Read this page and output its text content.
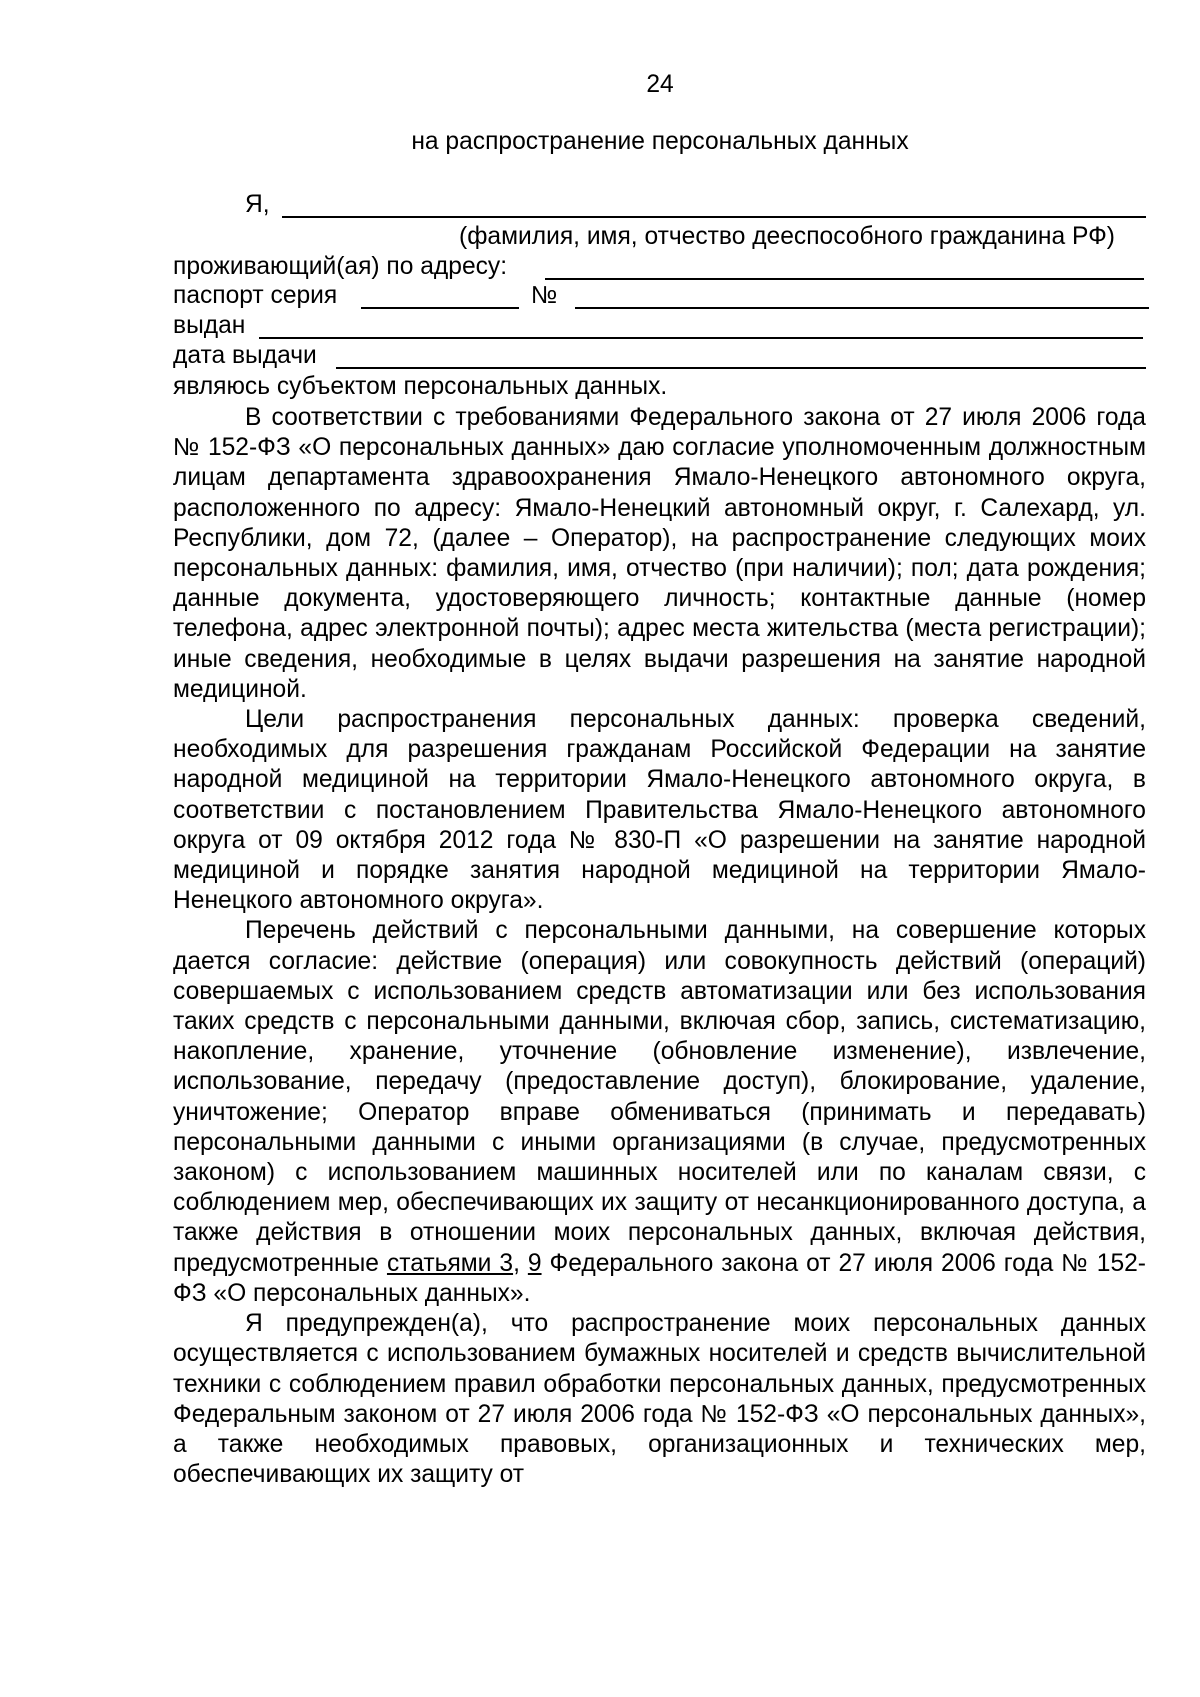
24
на распространение персональных данных
Я,
(фамилия, имя, отчество дееспособного гражданина РФ)
проживающий(ая) по адресу:
паспорт серия	№
выдан
дата выдачи
являюсь субъектом персональных данных.

В соответствии с требованиями Федерального закона от 27 июля 2006 года № 152-ФЗ «О персональных данных» даю согласие уполномоченным должностным лицам департамента здравоохранения Ямало-Ненецкого автономного округа, расположенного по адресу: Ямало-Ненецкий автономный округ, г. Салехард, ул. Республики, дом 72, (далее – Оператор), на распространение следующих моих персональных данных: фамилия, имя, отчество (при наличии); пол; дата рождения; данные документа, удостоверяющего личность; контактные данные (номер телефона, адрес электронной почты); адрес места жительства (места регистрации); иные сведения, необходимые в целях выдачи разрешения на занятие народной медициной.

Цели распространения персональных данных: проверка сведений, необходимых для разрешения гражданам Российской Федерации на занятие народной медициной на территории Ямало-Ненецкого автономного округа, в соответствии с постановлением Правительства Ямало-Ненецкого автономного округа от 09 октября 2012 года № 830-П «О разрешении на занятие народной медициной и порядке занятия народной медициной на территории Ямало-Ненецкого автономного округа».

Перечень действий с персональными данными, на совершение которых дается согласие: действие (операция) или совокупность действий (операций) совершаемых с использованием средств автоматизации или без использования таких средств с персональными данными, включая сбор, запись, систематизацию, накопление, хранение, уточнение (обновление изменение), извлечение, использование, передачу (предоставление доступ), блокирование, удаление, уничтожение; Оператор вправе обмениваться (принимать и передавать) персональными данными с иными организациями (в случае, предусмотренных законом) с использованием машинных носителей или по каналам связи, с соблюдением мер, обеспечивающих их защиту от несанкционированного доступа, а также действия в отношении моих персональных данных, включая действия, предусмотренные статьями 3, 9 Федерального закона от 27 июля 2006 года № 152-ФЗ «О персональных данных».

Я предупрежден(а), что распространение моих персональных данных осуществляется с использованием бумажных носителей и средств вычислительной техники с соблюдением правил обработки персональных данных, предусмотренных Федеральным законом от 27 июля 2006 года № 152-ФЗ «О персональных данных», а также необходимых правовых, организационных и технических мер, обеспечивающих их защиту от
